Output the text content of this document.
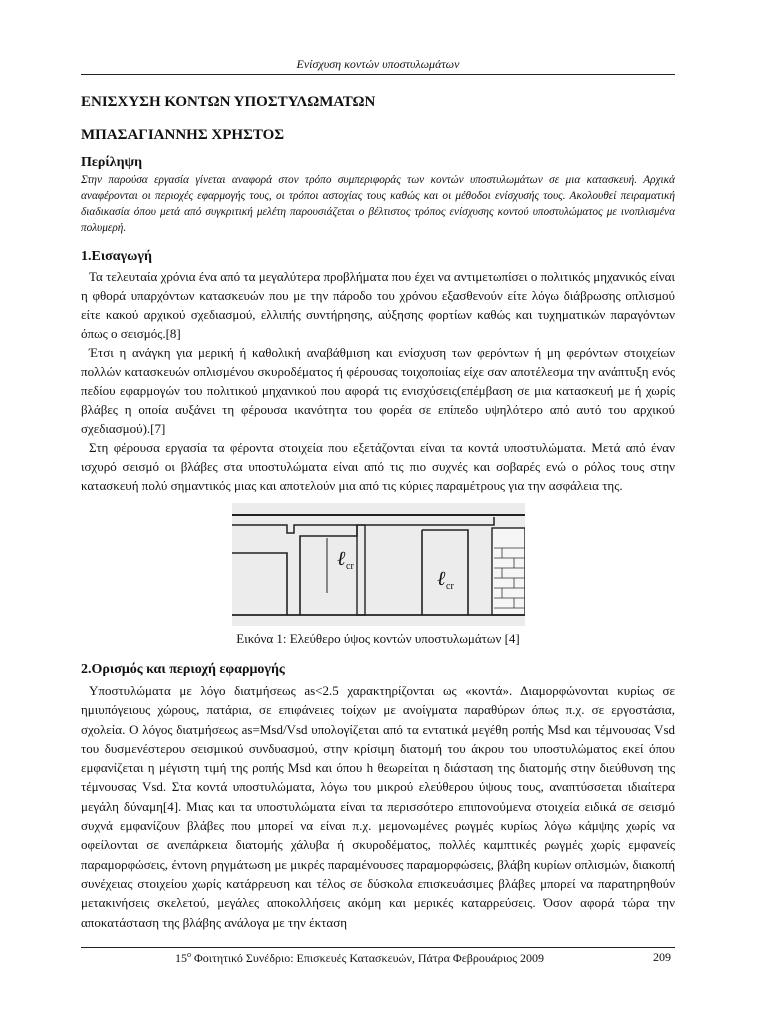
Ενίσχυση κοντών υποστυλωμάτων
ΕΝΙΣΧΥΣΗ ΚΟΝΤΩΝ ΥΠΟΣΤΥΛΩΜΑΤΩΝ
ΜΠΑΣΑΓΙΑΝΝΗΣ ΧΡΗΣΤΟΣ
Περίληψη
Στην παρούσα εργασία γίνεται αναφορά στον τρόπο συμπεριφοράς των κοντών υποστυλωμάτων σε μια κατασκευή. Αρχικά αναφέρονται οι περιοχές εφαρμογής τους, οι τρόποι αστοχίας τους καθώς και οι μέθοδοι ενίσχυσής τους. Ακολουθεί πειραματική διαδικασία όπου μετά από συγκριτική μελέτη παρουσιάζεται ο βέλτιστος τρόπος ενίσχυσης κοντού υποστυλώματος με ινοπλισμένα πολυμερή.
1.Εισαγωγή

Τα τελευταία χρόνια ένα από τα μεγαλύτερα προβλήματα που έχει να αντιμετωπίσει ο πολιτικός μηχανικός είναι η φθορά υπαρχόντων κατασκευών που με την πάροδο του χρόνου εξασθενούν είτε λόγω διάβρωσης οπλισμού είτε κακού αρχικού σχεδιασμού, ελλιπής συντήρησης, αύξησης φορτίων καθώς και τυχηματικών παραγόντων όπως ο σεισμός.[8]

Έτσι η ανάγκη για μερική ή καθολική αναβάθμιση και ενίσχυση των φερόντων ή μη φερόντων στοιχείων πολλών κατασκευών οπλισμένου σκυροδέματος ή φέρουσας τοιχοποιίας είχε σαν αποτέλεσμα την ανάπτυξη ενός πεδίου εφαρμογών του πολιτικού μηχανικού που αφορά τις ενισχύσεις(επέμβαση σε μια κατασκευή με ή χωρίς βλάβες η οποία αυξάνει τη φέρουσα ικανότητα του φορέα σε επίπεδο υψηλότερο από αυτό του αρχικού σχεδιασμού).[7]

Στη φέρουσα εργασία τα φέροντα στοιχεία που εξετάζονται είναι τα κοντά υποστυλώματα. Μετά από έναν ισχυρό σεισμό οι βλάβες στα υποστυλώματα είναι από τις πιο συχνές και σοβαρές ενώ ο ρόλος τους στην κατασκευή πολύ σημαντικός μιας και αποτελούν μια από τις κύριες παραμέτρους για την ασφάλεια της.

ℓ cr
ℓ cr
Εικόνα 1: Ελεύθερο ύψος κοντών υποστυλωμάτων [4]
2.Ορισμός και περιοχή εφαρμογής

Υποστυλώματα με λόγο διατμήσεως as<2.5 χαρακτηρίζονται ως «κοντά». Διαμορφώνονται κυρίως σε ημιυπόγειους χώρους, πατάρια, σε επιφάνειες τοίχων με ανοίγματα παραθύρων όπως π.χ. σε εργοστάσια, σχολεία. Ο λόγος διατμήσεως as=Msd/Vsd υπολογίζεται από τα εντατικά μεγέθη ροπής Msd και τέμνουσας Vsd του δυσμενέστερου σεισμικού συνδυασμού, στην κρίσιμη διατομή του άκρου του υποστυλώματος εκεί όπου εμφανίζεται η μέγιστη τιμή της ροπής Msd και όπου h θεωρείται η διάσταση της διατομής στην διεύθυνση της τέμνουσας Vsd. Στα κοντά υποστυλώματα, λόγω του μικρού ελεύθερου ύψους τους, αναπτύσσεται ιδιαίτερα μεγάλη δύναμη[4]. Μιας και τα υποστυλώματα είναι τα περισσότερο επιπονούμενα στοιχεία ειδικά σε σεισμό συχνά εμφανίζουν βλάβες που μπορεί να είναι π.χ. μεμονωμένες ρωγμές κυρίως λόγω κάμψης χωρίς να οφείλονται σε ανεπάρκεια διατομής χάλυβα ή σκυροδέματος, πολλές καμπτικές ρωγμές χωρίς εμφανείς παραμορφώσεις, έντονη ρηγμάτωση με μικρές παραμένουσες παραμορφώσεις, βλάβη κυρίων οπλισμών, διακοπή συνέχειας στοιχείου χωρίς κατάρρευση και τέλος σε δύσκολα επισκευάσιμες βλάβες μπορεί να παρατηρηθούν μετακινήσεις σκελετού, μεγάλες αποκολλήσεις ακόμη και μερικές καταρρεύσεις. Όσον αφορά τώρα την αποκατάσταση της βλάβης ανάλογα με την έκταση

$15^o$ Φοιτητικό Συνέδριο: Επισκευές Κατασκευών, Πάτρα Φεβρουάριος 2009	209
